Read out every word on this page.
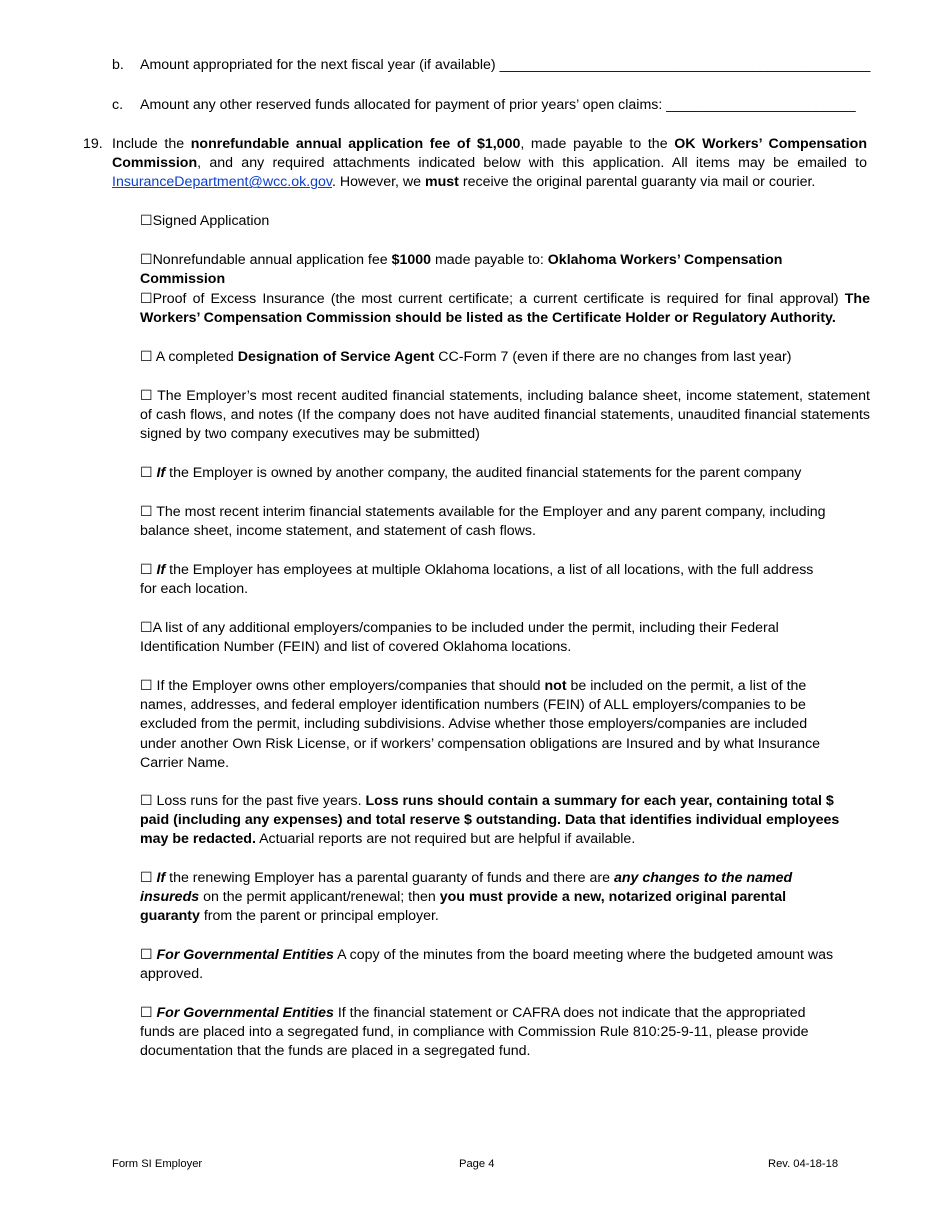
b. Amount appropriated for the next fiscal year (if available) _______________________________________________
c. Amount any other reserved funds allocated for payment of prior years’ open claims: ________________________
19. Include the nonrefundable annual application fee of $1,000, made payable to the OK Workers’ Compensation Commission, and any required attachments indicated below with this application. All items may be emailed to InsuranceDepartment@wcc.ok.gov. However, we must receive the original parental guaranty via mail or courier.

☐Signed Application

☐Nonrefundable annual application fee $1000 made payable to: Oklahoma Workers’ Compensation Commission

☐Proof of Excess Insurance (the most current certificate; a current certificate is required for final approval) The Workers’ Compensation Commission should be listed as the Certificate Holder or Regulatory Authority.

☐ A completed Designation of Service Agent CC-Form 7 (even if there are no changes from last year)

☐ The Employer’s most recent audited financial statements, including balance sheet, income statement, statement of cash flows, and notes (If the company does not have audited financial statements, unaudited financial statements signed by two company executives may be submitted)

☐ If the Employer is owned by another company, the audited financial statements for the parent company

☐ The most recent interim financial statements available for the Employer and any parent company, including balance sheet, income statement, and statement of cash flows.

☐ If the Employer has employees at multiple Oklahoma locations, a list of all locations, with the full address for each location.

☐A list of any additional employers/companies to be included under the permit, including their Federal Identification Number (FEIN) and list of covered Oklahoma locations.

☐ If the Employer owns other employers/companies that should not be included on the permit, a list of the names, addresses, and federal employer identification numbers (FEIN) of ALL employers/companies to be excluded from the permit, including subdivisions. Advise whether those employers/companies are included under another Own Risk License, or if workers’ compensation obligations are Insured and by what Insurance Carrier Name.

☐ Loss runs for the past five years. Loss runs should contain a summary for each year, containing total $ paid (including any expenses) and total reserve $ outstanding. Data that identifies individual employees may be redacted. Actuarial reports are not required but are helpful if available.

☐ If the renewing Employer has a parental guaranty of funds and there are any changes to the named insureds on the permit applicant/renewal; then you must provide a new, notarized original parental guaranty from the parent or principal employer.

☐ For Governmental Entities A copy of the minutes from the board meeting where the budgeted amount was approved.

☐ For Governmental Entities If the financial statement or CAFRA does not indicate that the appropriated funds are placed into a segregated fund, in compliance with Commission Rule 810:25-9-11, please provide documentation that the funds are placed in a segregated fund.

Form SI Employer	Page 4	Rev. 04-18-18
